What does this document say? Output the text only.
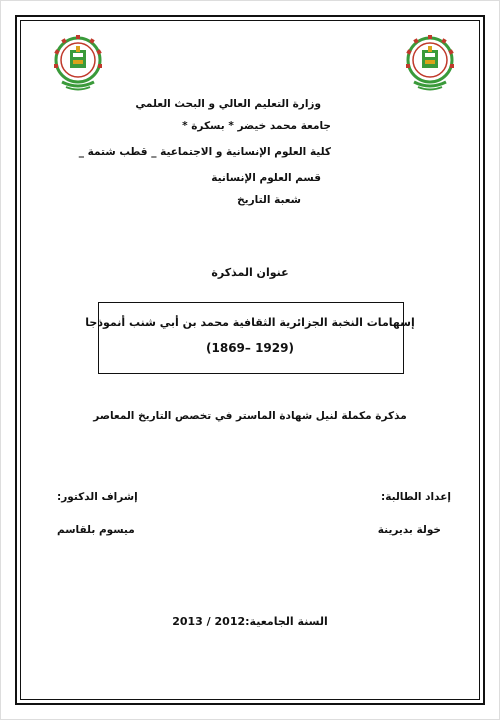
وزارة التعليم العالي و البحث العلمي
جامعة محمد خيضر * بسكرة *
كلية العلوم الإنسانية و الاجتماعية _ قطب شتمة _
قسم العلوم الإنسانية
شعبة التاريخ
عنوان المذكرة
إسهامات النخبة الجزائرية الثقافية محمد بن أبي شنب أنموذجا
(1869– 1929)
مذكرة مكملة لنيل شهادة الماستر في تخصص التاريخ المعاصر
إعداد الطالبة:
خولة بديرينة
إشراف الدكتور:
ميسوم بلقاسم
السنة الجامعية:2012 / 2013
